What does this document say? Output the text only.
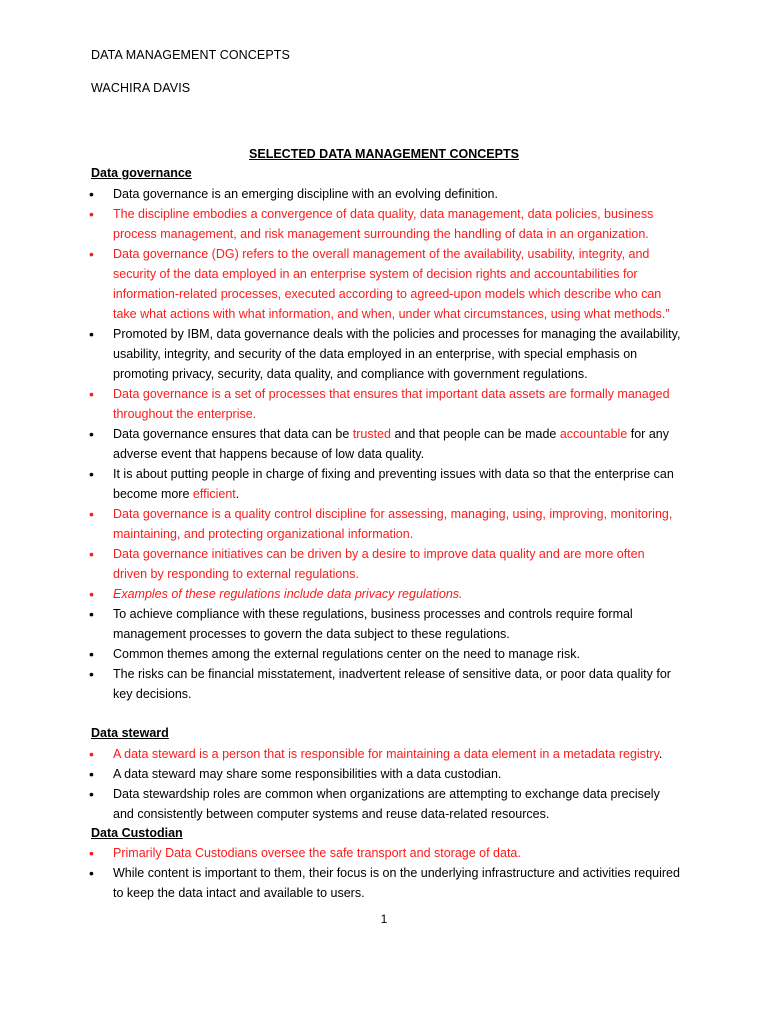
DATA MANAGEMENT CONCEPTS
WACHIRA DAVIS
SELECTED DATA MANAGEMENT CONCEPTS
Data governance
• Data governance is an emerging discipline with an evolving definition.
• The discipline embodies a convergence of data quality, data management, data policies, business process management, and risk management surrounding the handling of data in an organization.
• Data governance (DG) refers to the overall management of the availability, usability, integrity, and security of the data employed in an enterprise system of decision rights and accountabilities for information-related processes, executed according to agreed-upon models which describe who can take what actions with what information, and when, under what circumstances, using what methods.”
• Promoted by IBM, data governance deals with the policies and processes for managing the availability, usability, integrity, and security of the data employed in an enterprise, with special emphasis on promoting privacy, security, data quality, and compliance with government regulations.
• Data governance is a set of processes that ensures that important data assets are formally managed throughout the enterprise.
• Data governance ensures that data can be trusted and that people can be made accountable for any adverse event that happens because of low data quality.
• It is about putting people in charge of fixing and preventing issues with data so that the enterprise can become more efficient.
• Data governance is a quality control discipline for assessing, managing, using, improving, monitoring, maintaining, and protecting organizational information.
• Data governance initiatives can be driven by a desire to improve data quality and are more often driven by responding to external regulations.
• Examples of these regulations include data privacy regulations.
• To achieve compliance with these regulations, business processes and controls require formal management processes to govern the data subject to these regulations.
• Common themes among the external regulations center on the need to manage risk.
• The risks can be financial misstatement, inadvertent release of sensitive data, or poor data quality for key decisions.
Data steward
• A data steward is a person that is responsible for maintaining a data element in a metadata registry.
• A data steward may share some responsibilities with a data custodian.
• Data stewardship roles are common when organizations are attempting to exchange data precisely and consistently between computer systems and reuse data-related resources.
Data Custodian
• Primarily Data Custodians oversee the safe transport and storage of data.
• While content is important to them, their focus is on the underlying infrastructure and activities required to keep the data intact and available to users.
1
